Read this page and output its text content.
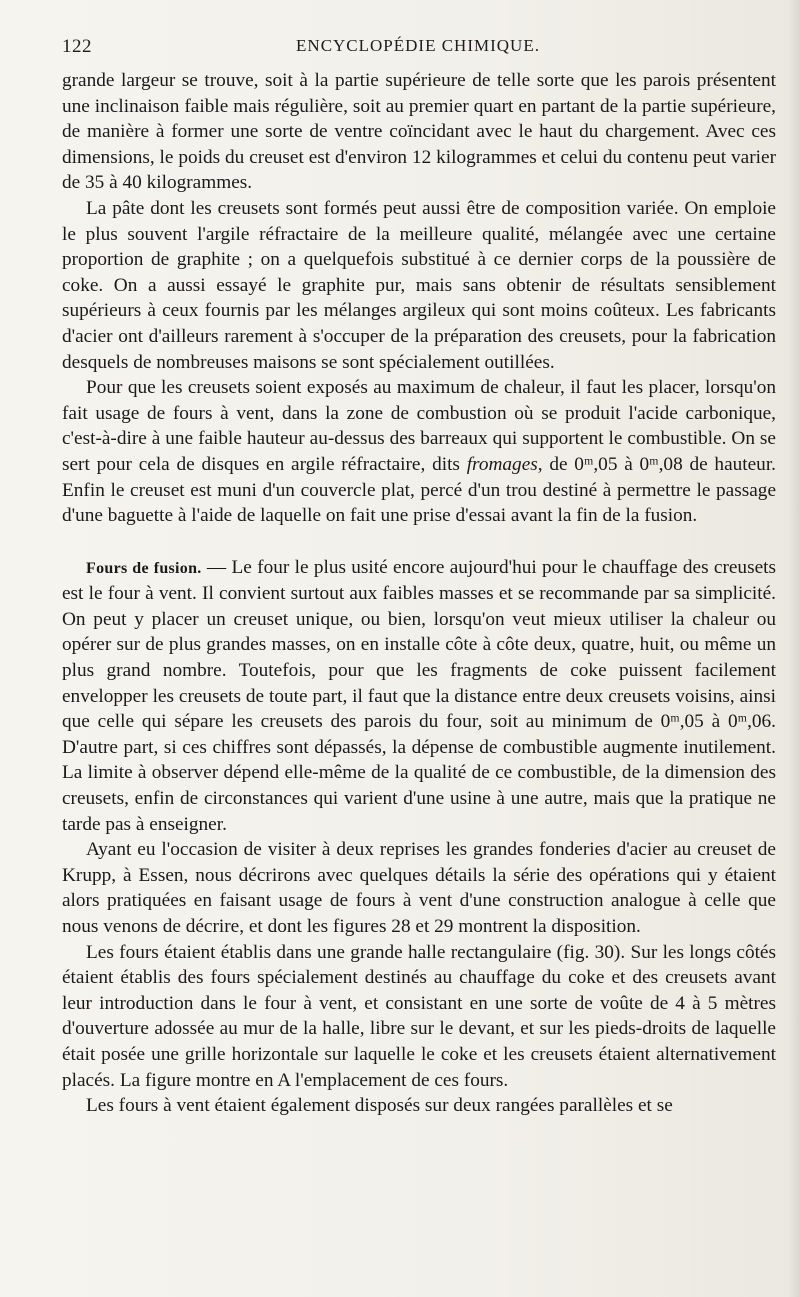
122	ENCYCLOPÉDIE CHIMIQUE.

grande largeur se trouve, soit à la partie supérieure de telle sorte que les parois présentent une inclinaison faible mais régulière, soit au premier quart en partant de la partie supérieure, de manière à former une sorte de ventre coïncidant avec le haut du chargement. Avec ces dimensions, le poids du creuset est d'environ 12 kilogrammes et celui du contenu peut varier de 35 à 40 kilogrammes.

La pâte dont les creusets sont formés peut aussi être de composition variée. On emploie le plus souvent l'argile réfractaire de la meilleure qualité, mélangée avec une certaine proportion de graphite ; on a quelquefois substitué à ce dernier corps de la poussière de coke. On a aussi essayé le graphite pur, mais sans obtenir de résultats sensiblement supérieurs à ceux fournis par les mélanges argileux qui sont moins coûteux. Les fabricants d'acier ont d'ailleurs rarement à s'occuper de la préparation des creusets, pour la fabrication desquels de nombreuses maisons se sont spécialement outillées.

Pour que les creusets soient exposés au maximum de chaleur, il faut les placer, lorsqu'on fait usage de fours à vent, dans la zone de combustion où se produit l'acide carbonique, c'est-à-dire à une faible hauteur au-dessus des barreaux qui supportent le combustible. On se sert pour cela de disques en argile réfractaire, dits fromages, de 0ᵐ,05 à 0ᵐ,08 de hauteur. Enfin le creuset est muni d'un couvercle plat, percé d'un trou destiné à permettre le passage d'une baguette à l'aide de laquelle on fait une prise d'essai avant la fin de la fusion.

Fours de fusion. — Le four le plus usité encore aujourd'hui pour le chauffage des creusets est le four à vent. Il convient surtout aux faibles masses et se recommande par sa simplicité. On peut y placer un creuset unique, ou bien, lorsqu'on veut mieux utiliser la chaleur ou opérer sur de plus grandes masses, on en installe côte à côte deux, quatre, huit, ou même un plus grand nombre. Toutefois, pour que les fragments de coke puissent facilement envelopper les creusets de toute part, il faut que la distance entre deux creusets voisins, ainsi que celle qui sépare les creusets des parois du four, soit au minimum de 0ᵐ,05 à 0ᵐ,06. D'autre part, si ces chiffres sont dépassés, la dépense de combustible augmente inutilement. La limite à observer dépend elle-même de la qualité de ce combustible, de la dimension des creusets, enfin de circonstances qui varient d'une usine à une autre, mais que la pratique ne tarde pas à enseigner.

Ayant eu l'occasion de visiter à deux reprises les grandes fonderies d'acier au creuset de Krupp, à Essen, nous décrirons avec quelques détails la série des opérations qui y étaient alors pratiquées en faisant usage de fours à vent d'une construction analogue à celle que nous venons de décrire, et dont les figures 28 et 29 montrent la disposition.

Les fours étaient établis dans une grande halle rectangulaire (fig. 30). Sur les longs côtés étaient établis des fours spécialement destinés au chauffage du coke et des creusets avant leur introduction dans le four à vent, et consistant en une sorte de voûte de 4 à 5 mètres d'ouverture adossée au mur de la halle, libre sur le devant, et sur les pieds-droits de laquelle était posée une grille horizontale sur laquelle le coke et les creusets étaient alternativement placés. La figure montre en A l'emplacement de ces fours.

Les fours à vent étaient également disposés sur deux rangées parallèles et se
